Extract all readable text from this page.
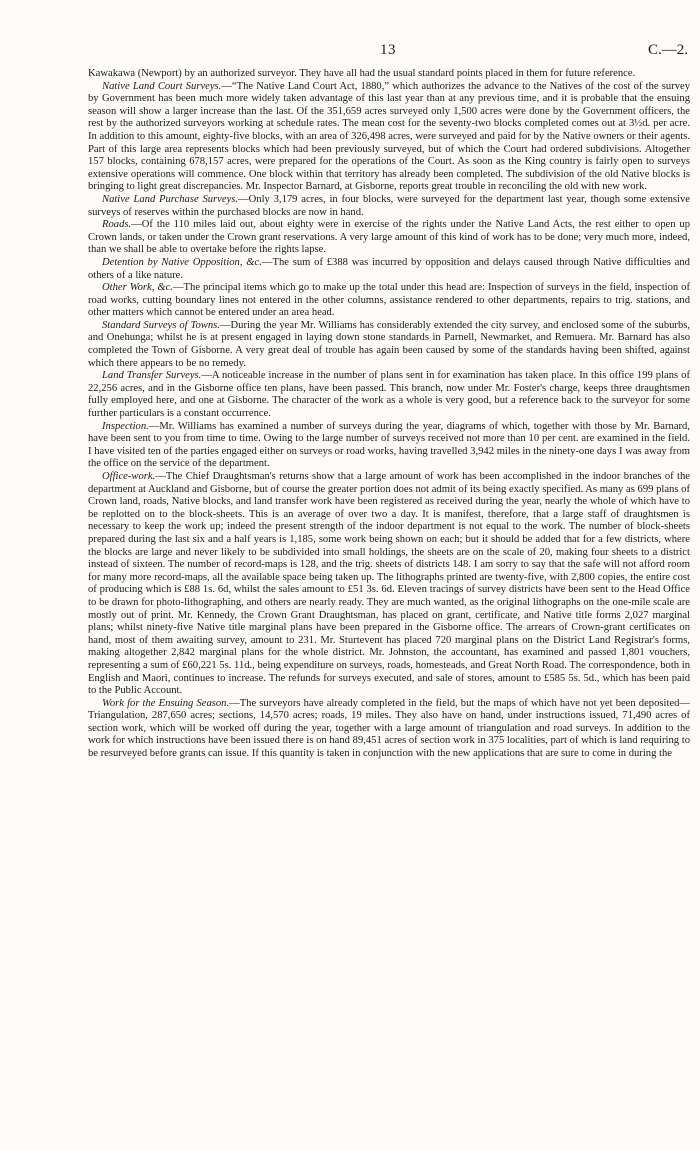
13	C.—2.

Kawakawa (Newport) by an authorized surveyor. They have all had the usual standard points placed in them for future reference.

Native Land Court Surveys.—“The Native Land Court Act, 1880,” which authorizes the advance to the Natives of the cost of the survey by Government has been much more widely taken advantage of this last year than at any previous time, and it is probable that the ensuing season will show a larger increase than the last. Of the 351,659 acres surveyed only 1,500 acres were done by the Government officers, the rest by the authorized surveyors working at schedule rates. The mean cost for the seventy-two blocks completed comes out at 3½d. per acre. In addition to this amount, eighty-five blocks, with an area of 326,498 acres, were surveyed and paid for by the Native owners or their agents. Part of this large area represents blocks which had been previously surveyed, but of which the Court had ordered subdivisions. Altogether 157 blocks, containing 678,157 acres, were prepared for the operations of the Court. As soon as the King country is fairly open to surveys extensive operations will commence. One block within that territory has already been completed. The subdivision of the old Native blocks is bringing to light great discrepancies. Mr. Inspector Barnard, at Gisborne, reports great trouble in reconciling the old with new work.

Native Land Purchase Surveys.—Only 3,179 acres, in four blocks, were surveyed for the department last year, though some extensive surveys of reserves within the purchased blocks are now in hand.

Roads.—Of the 110 miles laid out, about eighty were in exercise of the rights under the Native Land Acts, the rest either to open up Crown lands, or taken under the Crown grant reservations. A very large amount of this kind of work has to be done; very much more, indeed, than we shall be able to overtake before the rights lapse.

Detention by Native Opposition, &c.—The sum of £388 was incurred by opposition and delays caused through Native difficulties and others of a like nature.

Other Work, &c.—The principal items which go to make up the total under this head are: Inspection of surveys in the field, inspection of road works, cutting boundary lines not entered in the other columns, assistance rendered to other departments, repairs to trig. stations, and other matters which cannot be entered under an area head.

Standard Surveys of Towns.—During the year Mr. Williams has considerably extended the city survey, and enclosed some of the suburbs, and Onehunga; whilst he is at present engaged in laying down stone standards in Parnell, Newmarket, and Remuera. Mr. Barnard has also completed the Town of Gisborne. A very great deal of trouble has again been caused by some of the standards having been shifted, against which there appears to be no remedy.

Land Transfer Surveys.—A noticeable increase in the number of plans sent in for examination has taken place. In this office 199 plans of 22,256 acres, and in the Gisborne office ten plans, have been passed. This branch, now under Mr. Foster's charge, keeps three draughtsmen fully employed here, and one at Gisborne. The character of the work as a whole is very good, but a reference back to the surveyor for some further particulars is a constant occurrence.

Inspection.—Mr. Williams has examined a number of surveys during the year, diagrams of which, together with those by Mr. Barnard, have been sent to you from time to time. Owing to the large number of surveys received not more than 10 per cent. are examined in the field. I have visited ten of the parties engaged either on surveys or road works, having travelled 3,942 miles in the ninety-one days I was away from the office on the service of the department.

Office-work.—The Chief Draughtsman's returns show that a large amount of work has been accomplished in the indoor branches of the department at Auckland and Gisborne, but of course the greater portion does not admit of its being exactly specified. As many as 699 plans of Crown land, roads, Native blocks, and land transfer work have been registered as received during the year, nearly the whole of which have to be replotted on to the block-sheets. This is an average of over two a day. It is manifest, therefore, that a large staff of draughtsmen is necessary to keep the work up; indeed the present strength of the indoor department is not equal to the work. The number of block-sheets prepared during the last six and a half years is 1,185, some work being shown on each; but it should be added that for a few districts, where the blocks are large and never likely to be subdivided into small holdings, the sheets are on the scale of 20, making four sheets to a district instead of sixteen. The number of record-maps is 128, and the trig. sheets of districts 148. I am sorry to say that the safe will not afford room for many more record-maps, all the available space being taken up. The lithographs printed are twenty-five, with 2,800 copies, the entire cost of producing which is £88 1s. 6d, whilst the sales amount to £51 3s. 6d. Eleven tracings of survey districts have been sent to the Head Office to be drawn for photo-lithographing, and others are nearly ready. They are much wanted, as the original lithographs on the one-mile scale are mostly out of print. Mr. Kennedy, the Crown Grant Draughtsman, has placed on grant, certificate, and Native title forms 2,027 marginal plans; whilst ninety-five Native title marginal plans have been prepared in the Gisborne office. The arrears of Crown-grant certificates on hand, most of them awaiting survey, amount to 231. Mr. Sturtevent has placed 720 marginal plans on the District Land Registrar's forms, making altogether 2,842 marginal plans for the whole district. Mr. Johnston, the accountant, has examined and passed 1,801 vouchers, representing a sum of £60,221 5s. 11d., being expenditure on surveys, roads, homesteads, and Great North Road. The correspondence, both in English and Maori, continues to increase. The refunds for surveys executed, and sale of stores, amount to £585 5s. 5d., which has been paid to the Public Account.

Work for the Ensuing Season.—The surveyors have already completed in the field, but the maps of which have not yet been deposited—Triangulation, 287,650 acres; sections, 14,570 acres; roads, 19 miles. They also have on hand, under instructions issued, 71,490 acres of section work, which will be worked off during the year, together with a large amount of triangulation and road surveys. In addition to the work for which instructions have been issued there is on hand 89,451 acres of section work in 375 localities, part of which is land requiring to be resurveyed before grants can issue. If this quantity is taken in conjunction with the new applications that are sure to come in during the
